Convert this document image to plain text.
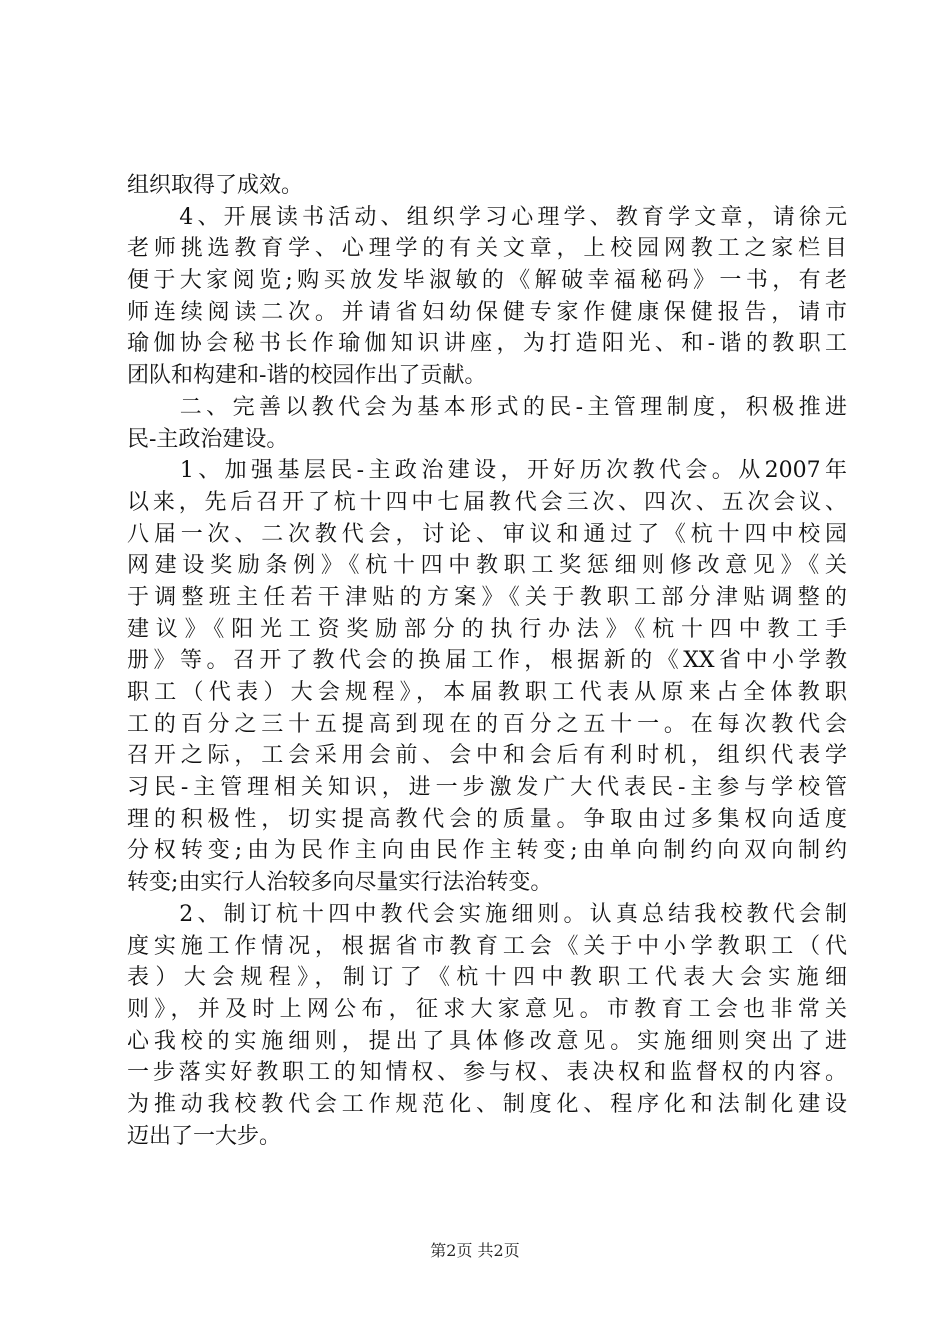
组织取得了成效。
　　4、开展读书活动、组织学习心理学、教育学文章，请徐元
老师挑选教育学、心理学的有关文章，上校园网教工之家栏目
便于大家阅览;购买放发毕淑敏的《解破幸福秘码》一书，有老
师连续阅读二次。并请省妇幼保健专家作健康保健报告，请市
瑜伽协会秘书长作瑜伽知识讲座，为打造阳光、和-谐的教职工
团队和构建和-谐的校园作出了贡献。
　　二、完善以教代会为基本形式的民-主管理制度，积极推进
民-主政治建设。
　　1、加强基层民-主政治建设，开好历次教代会。从2007年
以来，先后召开了杭十四中七届教代会三次、四次、五次会议、
八届一次、二次教代会，讨论、审议和通过了《杭十四中校园
网建设奖励条例》《杭十四中教职工奖惩细则修改意见》《关
于调整班主任若干津贴的方案》《关于教职工部分津贴调整的
建议》《阳光工资奖励部分的执行办法》《杭十四中教工手
册》等。召开了教代会的换届工作，根据新的《XX省中小学教
职工（代表）大会规程》，本届教职工代表从原来占全体教职
工的百分之三十五提高到现在的百分之五十一。在每次教代会
召开之际，工会采用会前、会中和会后有利时机，组织代表学
习民-主管理相关知识，进一步激发广大代表民-主参与学校管
理的积极性，切实提高教代会的质量。争取由过多集权向适度
分权转变;由为民作主向由民作主转变;由单向制约向双向制约
转变;由实行人治较多向尽量实行法治转变。
　　2、制订杭十四中教代会实施细则。认真总结我校教代会制
度实施工作情况，根据省市教育工会《关于中小学教职工（代
表）大会规程》，制订了《杭十四中教职工代表大会实施细
则》，并及时上网公布，征求大家意见。市教育工会也非常关
心我校的实施细则，提出了具体修改意见。实施细则突出了进
一步落实好教职工的知情权、参与权、表决权和监督权的内容。
为推动我校教代会工作规范化、制度化、程序化和法制化建设
迈出了一大步。
第2页 共2页
